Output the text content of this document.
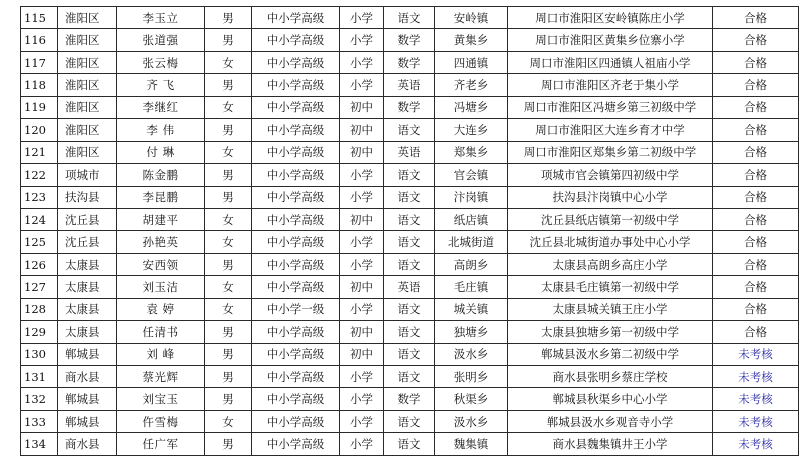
115	淮阳区	李玉立	男	中小学高级	小学	语文	安岭镇	周口市淮阳区安岭镇陈庄小学	合格
116	淮阳区	张道强	男	中小学高级	小学	数学	黄集乡	周口市淮阳区黄集乡位寨小学	合格
117	淮阳区	张云梅	女	中小学高级	小学	数学	四通镇	周口市淮阳区四通镇人祖庙小学	合格
118	淮阳区	齐 飞	男	中小学高级	小学	英语	齐老乡	周口市淮阳区齐老于集小学	合格
119	淮阳区	李继红	女	中小学高级	初中	数学	冯塘乡	周口市淮阳区冯塘乡第三初级中学	合格
120	淮阳区	李 伟	男	中小学高级	初中	语文	大连乡	周口市淮阳区大连乡育才中学	合格
121	淮阳区	付 琳	女	中小学高级	初中	英语	郑集乡	周口市淮阳区郑集乡第二初级中学	合格
122	项城市	陈金鹏	男	中小学高级	小学	语文	官会镇	项城市官会镇第四初级中学	合格
123	扶沟县	李昆鹏	男	中小学高级	小学	语文	汴岗镇	扶沟县汴岗镇中心小学	合格
124	沈丘县	胡建平	女	中小学高级	初中	语文	纸店镇	沈丘县纸店镇第一初级中学	合格
125	沈丘县	孙艳英	女	中小学高级	小学	语文	北城街道	沈丘县北城街道办事处中心小学	合格
126	太康县	安西领	男	中小学高级	小学	语文	高朗乡	太康县高朗乡高庄小学	合格
127	太康县	刘玉洁	女	中小学高级	初中	英语	毛庄镇	太康县毛庄镇第一初级中学	合格
128	太康县	袁 婷	女	中小学一级	小学	语文	城关镇	太康县城关镇王庄小学	合格
129	太康县	任清书	男	中小学高级	初中	语文	独塘乡	太康县独塘乡第一初级中学	合格
130	郸城县	刘 峰	男	中小学高级	初中	语文	汲水乡	郸城县汲水乡第二初级中学	未考核
131	商水县	蔡光辉	男	中小学高级	小学	语文	张明乡	商水县张明乡蔡庄学校	未考核
132	郸城县	刘宝玉	男	中小学高级	小学	数学	秋渠乡	郸城县秋渠乡中心小学	未考核
133	郸城县	仵雪梅	女	中小学高级	小学	语文	汲水乡	郸城县汲水乡观音寺小学	未考核
134	商水县	任广军	男	中小学高级	小学	语文	魏集镇	商水县魏集镇井王小学	未考核
